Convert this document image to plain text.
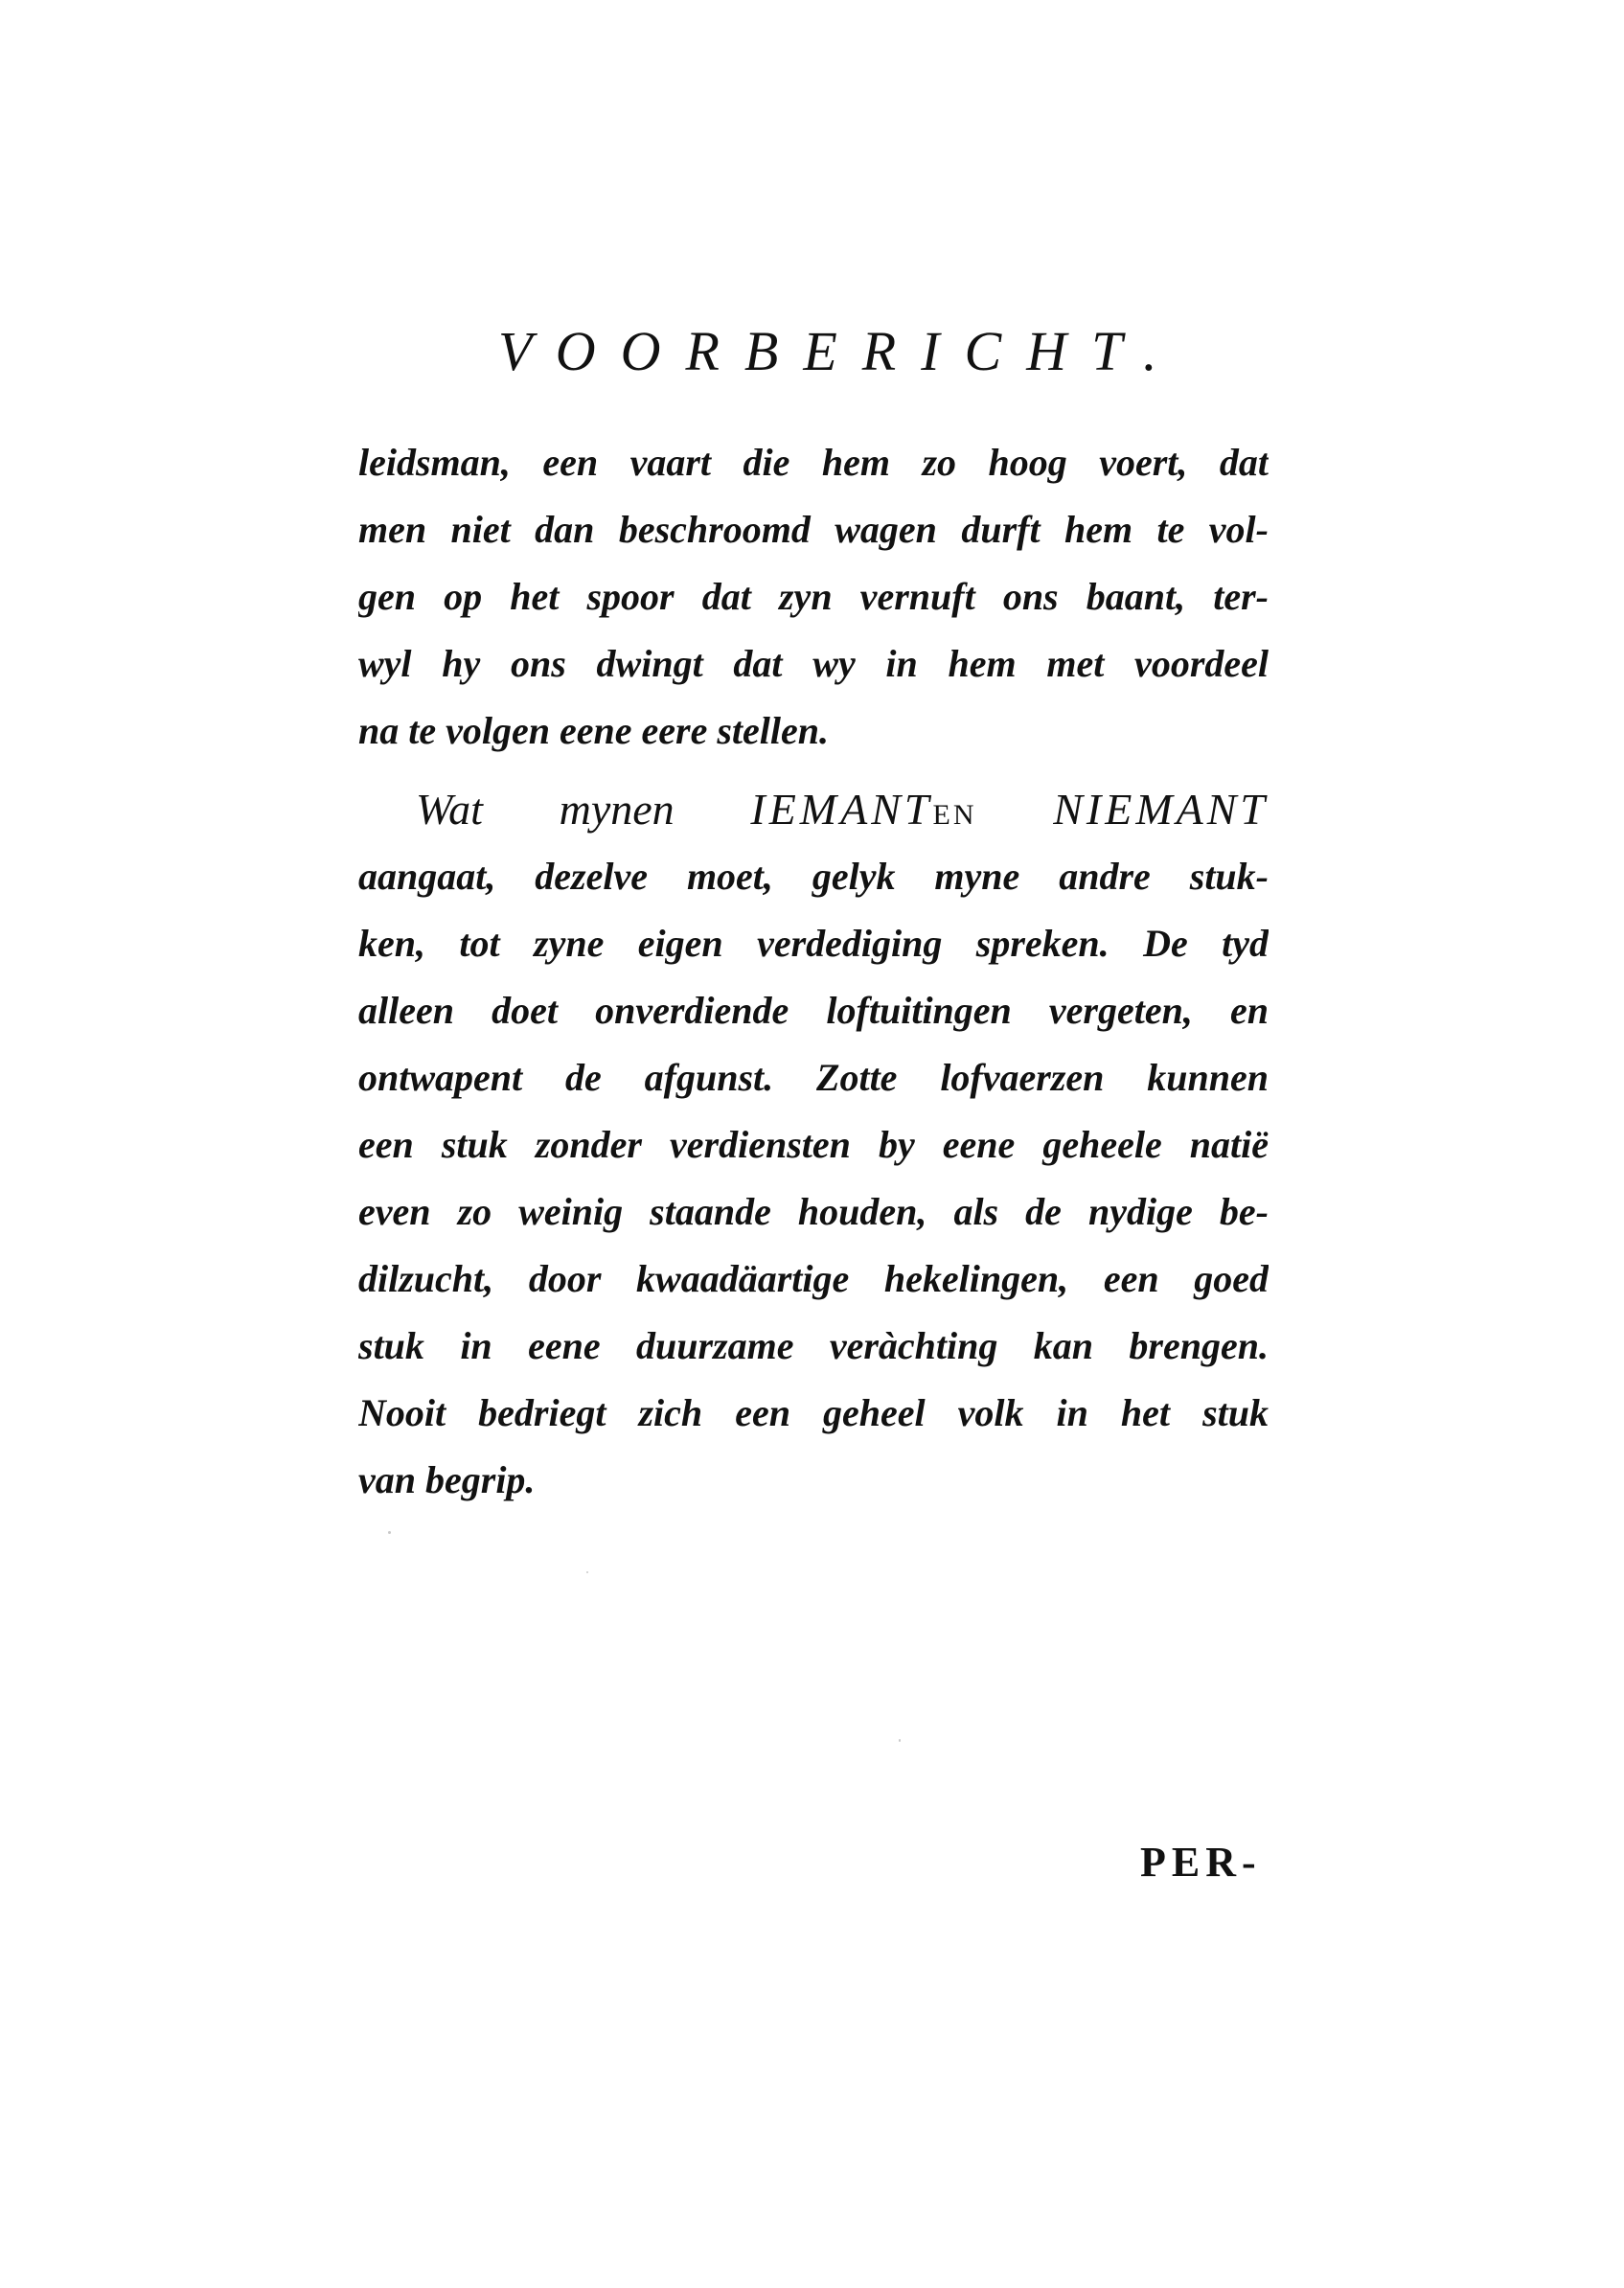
VOORBERICHT.
leidsman, een vaart die hem zo hoog voert, dat
men niet dan beschroomd wagen durft hem te vol-
gen op het spoor dat zyn vernuft ons baant, ter-
wyl hy ons dwingt dat wy in hem met voordeel
na te volgen eene eere stellen.
Wat mynen IEMANTEN NIEMANT
aangaat, dezelve moet, gelyk myne andre stuk-
ken, tot zyne eigen verdediging spreken. De tyd
alleen doet onverdiende loftuitingen vergeten, en
ontwapent de afgunst. Zotte lofvaerzen kunnen
een stuk zonder verdiensten by eene geheele natië
even zo weinig staande houden, als de nydige be-
dilzucht, door kwaadäartige hekelingen, een goed
stuk in eene duurzame veràchting kan brengen.
Nooit bedriegt zich een geheel volk in het stuk
van begrip.
PER-
